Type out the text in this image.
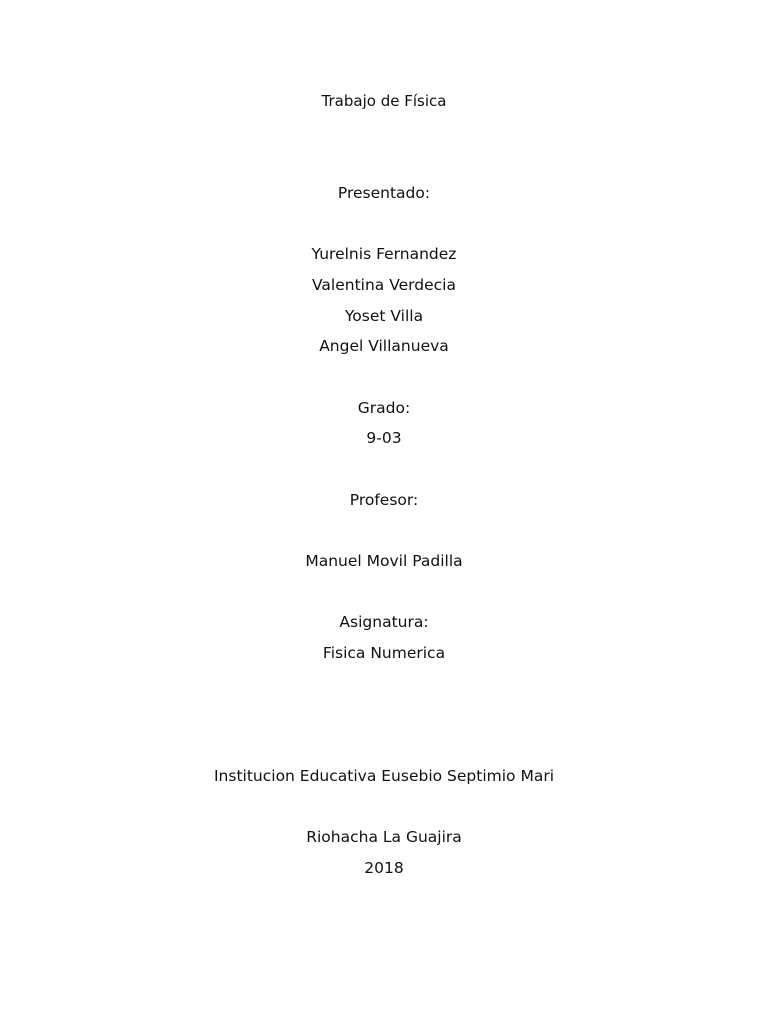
Trabajo de Física
Presentado:
Yurelnis Fernandez
Valentina Verdecia
Yoset Villa
Angel Villanueva
Grado:
9-03
Profesor:
Manuel Movil Padilla
Asignatura:
Fisica Numerica
Institucion Educativa Eusebio Septimio Mari
Riohacha La Guajira
2018
